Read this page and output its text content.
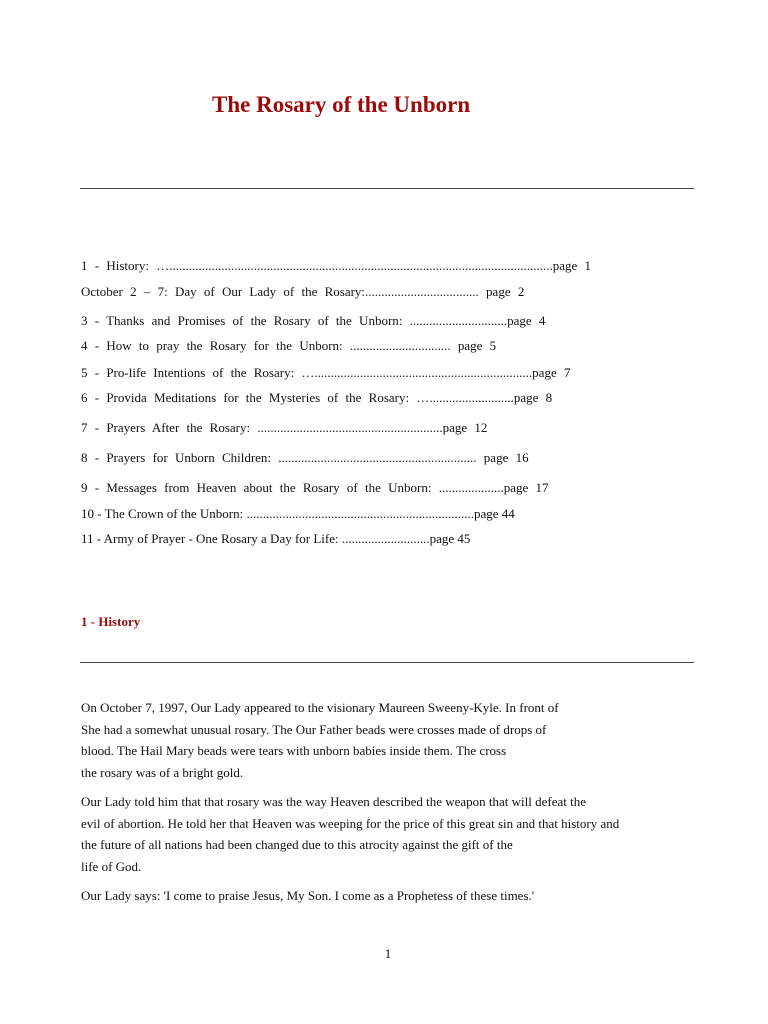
The Rosary of the Unborn

1 - History: …......................................................................................................................page 1

October 2 – 7: Day of Our Lady of the Rosary:................................... page 2

3 - Thanks and Promises of the Rosary of the Unborn: ..............................page 4

4 - How to pray the Rosary for the Unborn: ............................... page 5

5 - Pro-life Intentions of the Rosary: …...................................................................page 7

6 - Provida Meditations for the Mysteries of the Rosary: …..........................page 8

7 - Prayers After the Rosary: .........................................................page 12

8 - Prayers for Unborn Children: ............................................................. page 16

9 - Messages from Heaven about the Rosary of the Unborn: ....................page 17

10 - The Crown of the Unborn: ......................................................................page 44

11 - Army of Prayer - One Rosary a Day for Life: ...........................page 45

1 - History

On October 7, 1997, Our Lady appeared to the visionary Maureen Sweeny-Kyle. In front of
She had a somewhat unusual rosary. The Our Father beads were crosses made of drops of
blood. The Hail Mary beads were tears with unborn babies inside them. The cross
the rosary was of a bright gold.

Our Lady told him that that rosary was the way Heaven described the weapon that will defeat the
evil of abortion. He told her that Heaven was weeping for the price of this great sin and that history and
the future of all nations had been changed due to this atrocity against the gift of the
life of God.

Our Lady says: 'I come to praise Jesus, My Son. I come as a Prophetess of these times.'

1
